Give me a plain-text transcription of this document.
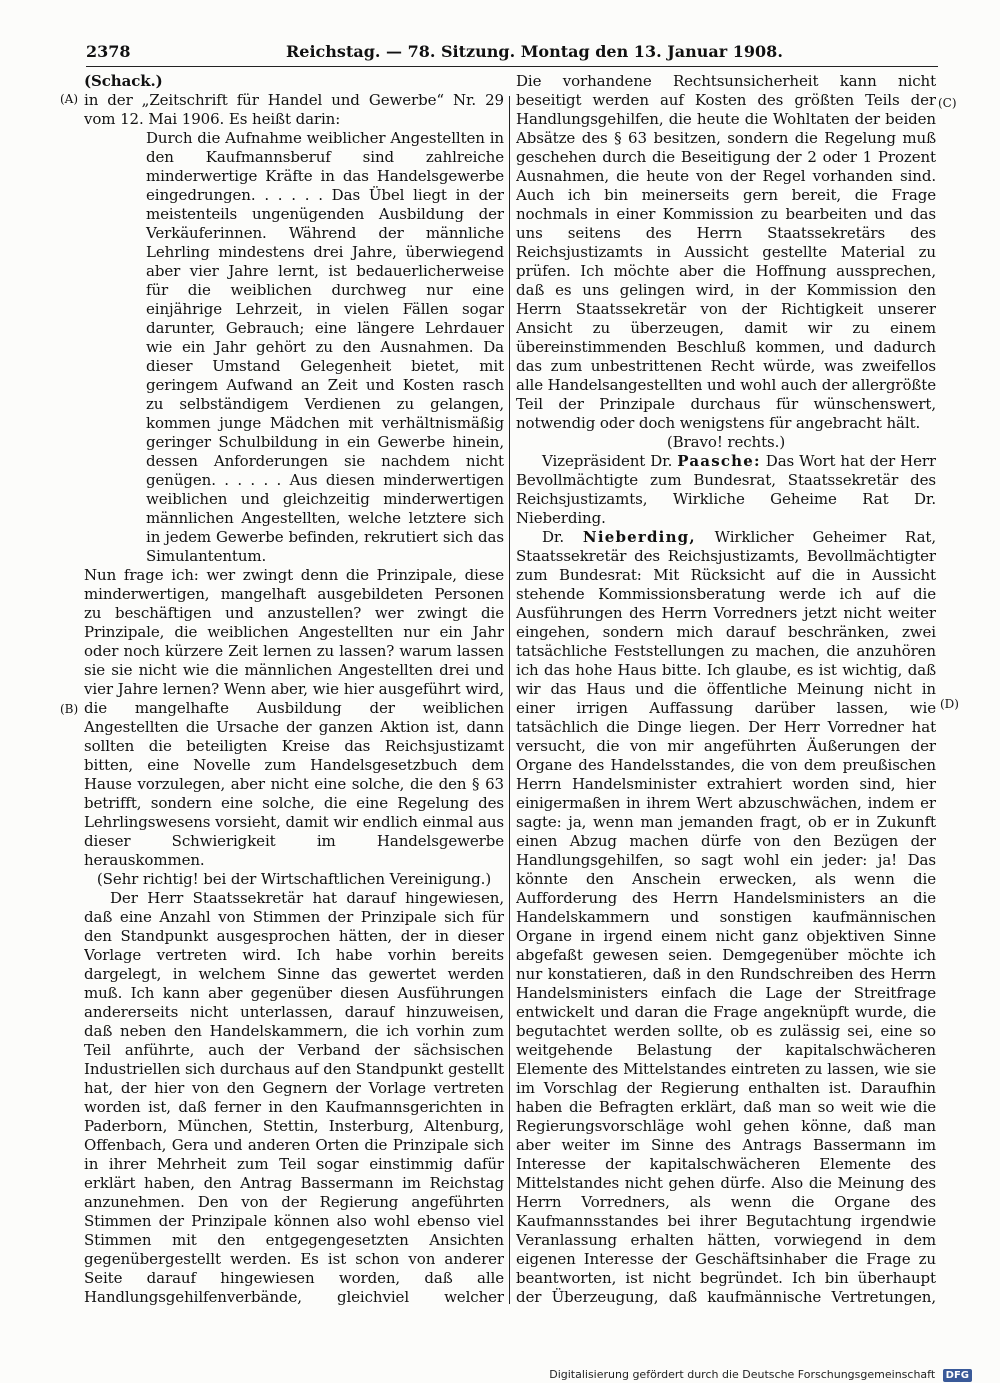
2378	Reichstag. — 78. Sitzung. Montag den 13. Januar 1908.
(A)
(B)
(C)
(D)

(Schack.)

in der „Zeitschrift für Handel und Gewerbe“ Nr. 29 vom 12. Mai 1906. Es heißt darin:

Durch die Aufnahme weiblicher Angestellten in den Kaufmannsberuf sind zahlreiche minderwertige Kräfte in das Handelsgewerbe eingedrungen. . . . . . Das Übel liegt in der meistenteils ungenügenden Ausbildung der Verkäuferinnen. Während der männliche Lehrling mindestens drei Jahre, überwiegend aber vier Jahre lernt, ist bedauerlicherweise für die weiblichen durchweg nur eine einjährige Lehrzeit, in vielen Fällen sogar darunter, Gebrauch; eine längere Lehrdauer wie ein Jahr gehört zu den Ausnahmen. Da dieser Umstand Gelegenheit bietet, mit geringem Aufwand an Zeit und Kosten rasch zu selbständigem Verdienen zu gelangen, kommen junge Mädchen mit verhältnismäßig geringer Schulbildung in ein Gewerbe hinein, dessen Anforderungen sie nachdem nicht genügen. . . . . . Aus diesen minderwertigen weiblichen und gleichzeitig minderwertigen männlichen Angestellten, welche letztere sich in jedem Gewerbe befinden, rekrutiert sich das Simulantentum.

Nun frage ich: wer zwingt denn die Prinzipale, diese minderwertigen, mangelhaft ausgebildeten Personen zu beschäftigen und anzustellen? wer zwingt die Prinzipale, die weiblichen Angestellten nur ein Jahr oder noch kürzere Zeit lernen zu lassen? warum lassen sie sie nicht wie die männlichen Angestellten drei und vier Jahre lernen? Wenn aber, wie hier ausgeführt wird, die mangelhafte Ausbildung der weiblichen Angestellten die Ursache der ganzen Aktion ist, dann sollten die beteiligten Kreise das Reichsjustizamt bitten, eine Novelle zum Handelsgesetzbuch dem Hause vorzulegen, aber nicht eine solche, die den § 63 betrifft, sondern eine solche, die eine Regelung des Lehrlingswesens vorsieht, damit wir endlich einmal aus dieser Schwierigkeit im Handelsgewerbe herauskommen.

(Sehr richtig! bei der Wirtschaftlichen Vereinigung.)

Der Herr Staatssekretär hat darauf hingewiesen, daß eine Anzahl von Stimmen der Prinzipale sich für den Standpunkt ausgesprochen hätten, der in dieser Vorlage vertreten wird. Ich habe vorhin bereits dargelegt, in welchem Sinne das gewertet werden muß. Ich kann aber gegenüber diesen Ausführungen andererseits nicht unterlassen, darauf hinzuweisen, daß neben den Handelskammern, die ich vorhin zum Teil anführte, auch der Verband der sächsischen Industriellen sich durchaus auf den Standpunkt gestellt hat, der hier von den Gegnern der Vorlage vertreten worden ist, daß ferner in den Kaufmannsgerichten in Paderborn, München, Stettin, Insterburg, Altenburg, Offenbach, Gera und anderen Orten die Prinzipale sich in ihrer Mehrheit zum Teil sogar einstimmig dafür erklärt haben, den Antrag Bassermann im Reichstag anzunehmen. Den von der Regierung angeführten Stimmen der Prinzipale können also wohl ebenso viel Stimmen mit den entgegengesetzten Ansichten gegenübergestellt werden. Es ist schon von anderer Seite darauf hingewiesen worden, daß alle Handlungsgehilfenverbände, gleichviel welcher

Die vorhandene Rechtsunsicherheit kann nicht beseitigt werden auf Kosten des größten Teils der Handlungsgehilfen, die heute die Wohltaten der beiden Absätze des § 63 besitzen, sondern die Regelung muß geschehen durch die Beseitigung der 2 oder 1 Prozent Ausnahmen, die heute von der Regel vorhanden sind. Auch ich bin meinerseits gern bereit, die Frage nochmals in einer Kommission zu bearbeiten und das uns seitens des Herrn Staatssekretärs des Reichsjustizamts in Aussicht gestellte Material zu prüfen. Ich möchte aber die Hoffnung aussprechen, daß es uns gelingen wird, in der Kommission den Herrn Staatssekretär von der Richtigkeit unserer Ansicht zu überzeugen, damit wir zu einem übereinstimmenden Beschluß kommen, und dadurch das zum unbestrittenen Recht würde, was zweifellos alle Handelsangestellten und wohl auch der allergrößte Teil der Prinzipale durchaus für wünschenswert, notwendig oder doch wenigstens für angebracht hält.

(Bravo! rechts.)

Vizepräsident Dr. Paasche: Das Wort hat der Herr Bevollmächtigte zum Bundesrat, Staatssekretär des Reichsjustizamts, Wirkliche Geheime Rat Dr. Nieberding.

Dr. Nieberding, Wirklicher Geheimer Rat, Staatssekretär des Reichsjustizamts, Bevollmächtigter zum Bundesrat: Mit Rücksicht auf die in Aussicht stehende Kommissionsberatung werde ich auf die Ausführungen des Herrn Vorredners jetzt nicht weiter eingehen, sondern mich darauf beschränken, zwei tatsächliche Feststellungen zu machen, die anzuhören ich das hohe Haus bitte. Ich glaube, es ist wichtig, daß wir das Haus und die öffentliche Meinung nicht in einer irrigen Auffassung darüber lassen, wie tatsächlich die Dinge liegen. Der Herr Vorredner hat versucht, die von mir angeführten Äußerungen der Organe des Handelsstandes, die von dem preußischen Herrn Handelsminister extrahiert worden sind, hier einigermaßen in ihrem Wert abzuschwächen, indem er sagte: ja, wenn man jemanden fragt, ob er in Zukunft einen Abzug machen dürfe von den Bezügen der Handlungsgehilfen, so sagt wohl ein jeder: ja! Das könnte den Anschein erwecken, als wenn die Aufforderung des Herrn Handelsministers an die Handelskammern und sonstigen kaufmännischen Organe in irgend einem nicht ganz objektiven Sinne abgefaßt gewesen seien. Demgegenüber möchte ich nur konstatieren, daß in den Rundschreiben des Herrn Handelsministers einfach die Lage der Streitfrage entwickelt und daran die Frage angeknüpft wurde, die begutachtet werden sollte, ob es zulässig sei, eine so weitgehende Belastung der kapitalschwächeren Elemente des Mittelstandes eintreten zu lassen, wie sie im Vorschlag der Regierung enthalten ist. Daraufhin haben die Befragten erklärt, daß man so weit wie die Regierungsvorschläge wohl gehen könne, daß man aber weiter im Sinne des Antrags Bassermann im Interesse der kapitalschwächeren Elemente des Mittelstandes nicht gehen dürfe. Also die Meinung des Herrn Vorredners, als wenn die Organe des Kaufmannsstandes bei ihrer Begutachtung irgendwie Veranlassung erhalten hätten, vorwiegend in dem eigenen Interesse der Geschäftsinhaber die Frage zu beantworten, ist nicht begründet. Ich bin überhaupt der Überzeugung, daß kaufmännische Vertretungen,

Digitalisierung gefördert durch die Deutsche Forschungsgemeinschaft DFG
